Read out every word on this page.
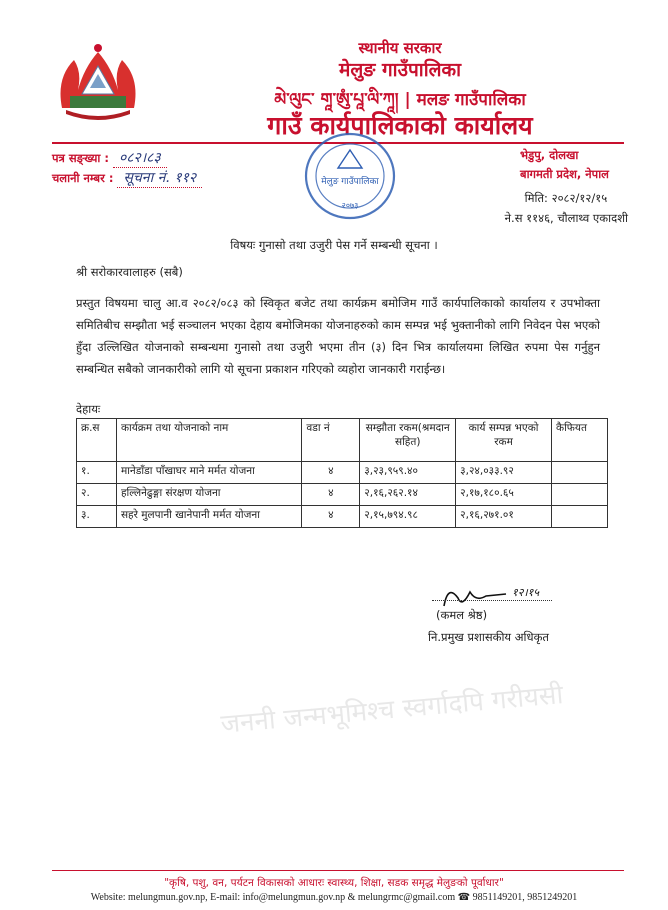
स्थानीय सरकार
मेलुङ गाउँपालिका
མེ་ལུང་ གཱ་ཨུཾ་པཱ་ལི་ཀཱ། | मलङ गाउँपालिका
गाउँ कार्यपालिकाको कार्यालय
पत्र सङ्ख्या : ०८२।८३
चलानी नम्बर : सूचना नं. ११२
भेडुपु, दोलखा
बागमती प्रदेश, नेपाल
मेलुङ गाउँपालिका
२०७३
मिति: २०८२/१२/१५
ने.स ११४६, चौलाथ्व एकादशी
विषयः गुनासो तथा उजुरी पेस गर्ने सम्बन्धी सूचना ।
श्री सरोकारवालाहरु (सबै)
प्रस्तुत विषयमा चालु आ.व २०८२/०८३ को स्विकृत बजेट तथा कार्यक्रम बमोजिम गाउँ कार्यपालिकाको कार्यालय र उपभोक्ता समितिबीच सम्झौता भई सञ्चालन भएका देहाय बमोजिमका योजनाहरुको काम सम्पन्न भई भुक्तानीको लागि निवेदन पेस भएको हुँदा उल्लिखित योजनाको सम्बन्धमा गुनासो तथा उजुरी भएमा तीन (३) दिन भित्र कार्यालयमा लिखित रुपमा पेस गर्नुहुन सम्बन्धित सबैको जानकारीको लागि यो सूचना प्रकाशन गरिएको व्यहोरा जानकारी गराईन्छ।
देहायः
क्र.स	कार्यक्रम तथा योजनाको नाम	वडा नं	सम्झौता रकम(श्रमदान सहित)	कार्य सम्पन्न भएको रकम	कैफियत
१.	मानेडाँडा पाँखाघर माने मर्मत योजना	४	३,२३,९५९.४०	३,२४,०३३.९२	
२.	हल्लिनेढुङ्गा संरक्षण योजना	४	२,१६,२६२.१४	२,१७,१८०.६५	
३.	सहरे मुलपानी खानेपानी मर्मत योजना	४	२,१५,७९४.९८	२,१६,२७१.०१	
१२।१५
(कमल श्रेष्ठ)
नि.प्रमुख प्रशासकीय अधिकृत
जननी जन्मभूमिश्च स्वर्गादपि गरीयसी
"कृषि, पशु, वन, पर्यटन विकासको आधारः स्वास्थ्य, शिक्षा, सडक समृद्ध मेलुङको पूर्वाधार"
Website: melungmun.gov.np, E-mail: info@melungmun.gov.np & melungrmc@gmail.com ☎ 9851149201, 9851249201
